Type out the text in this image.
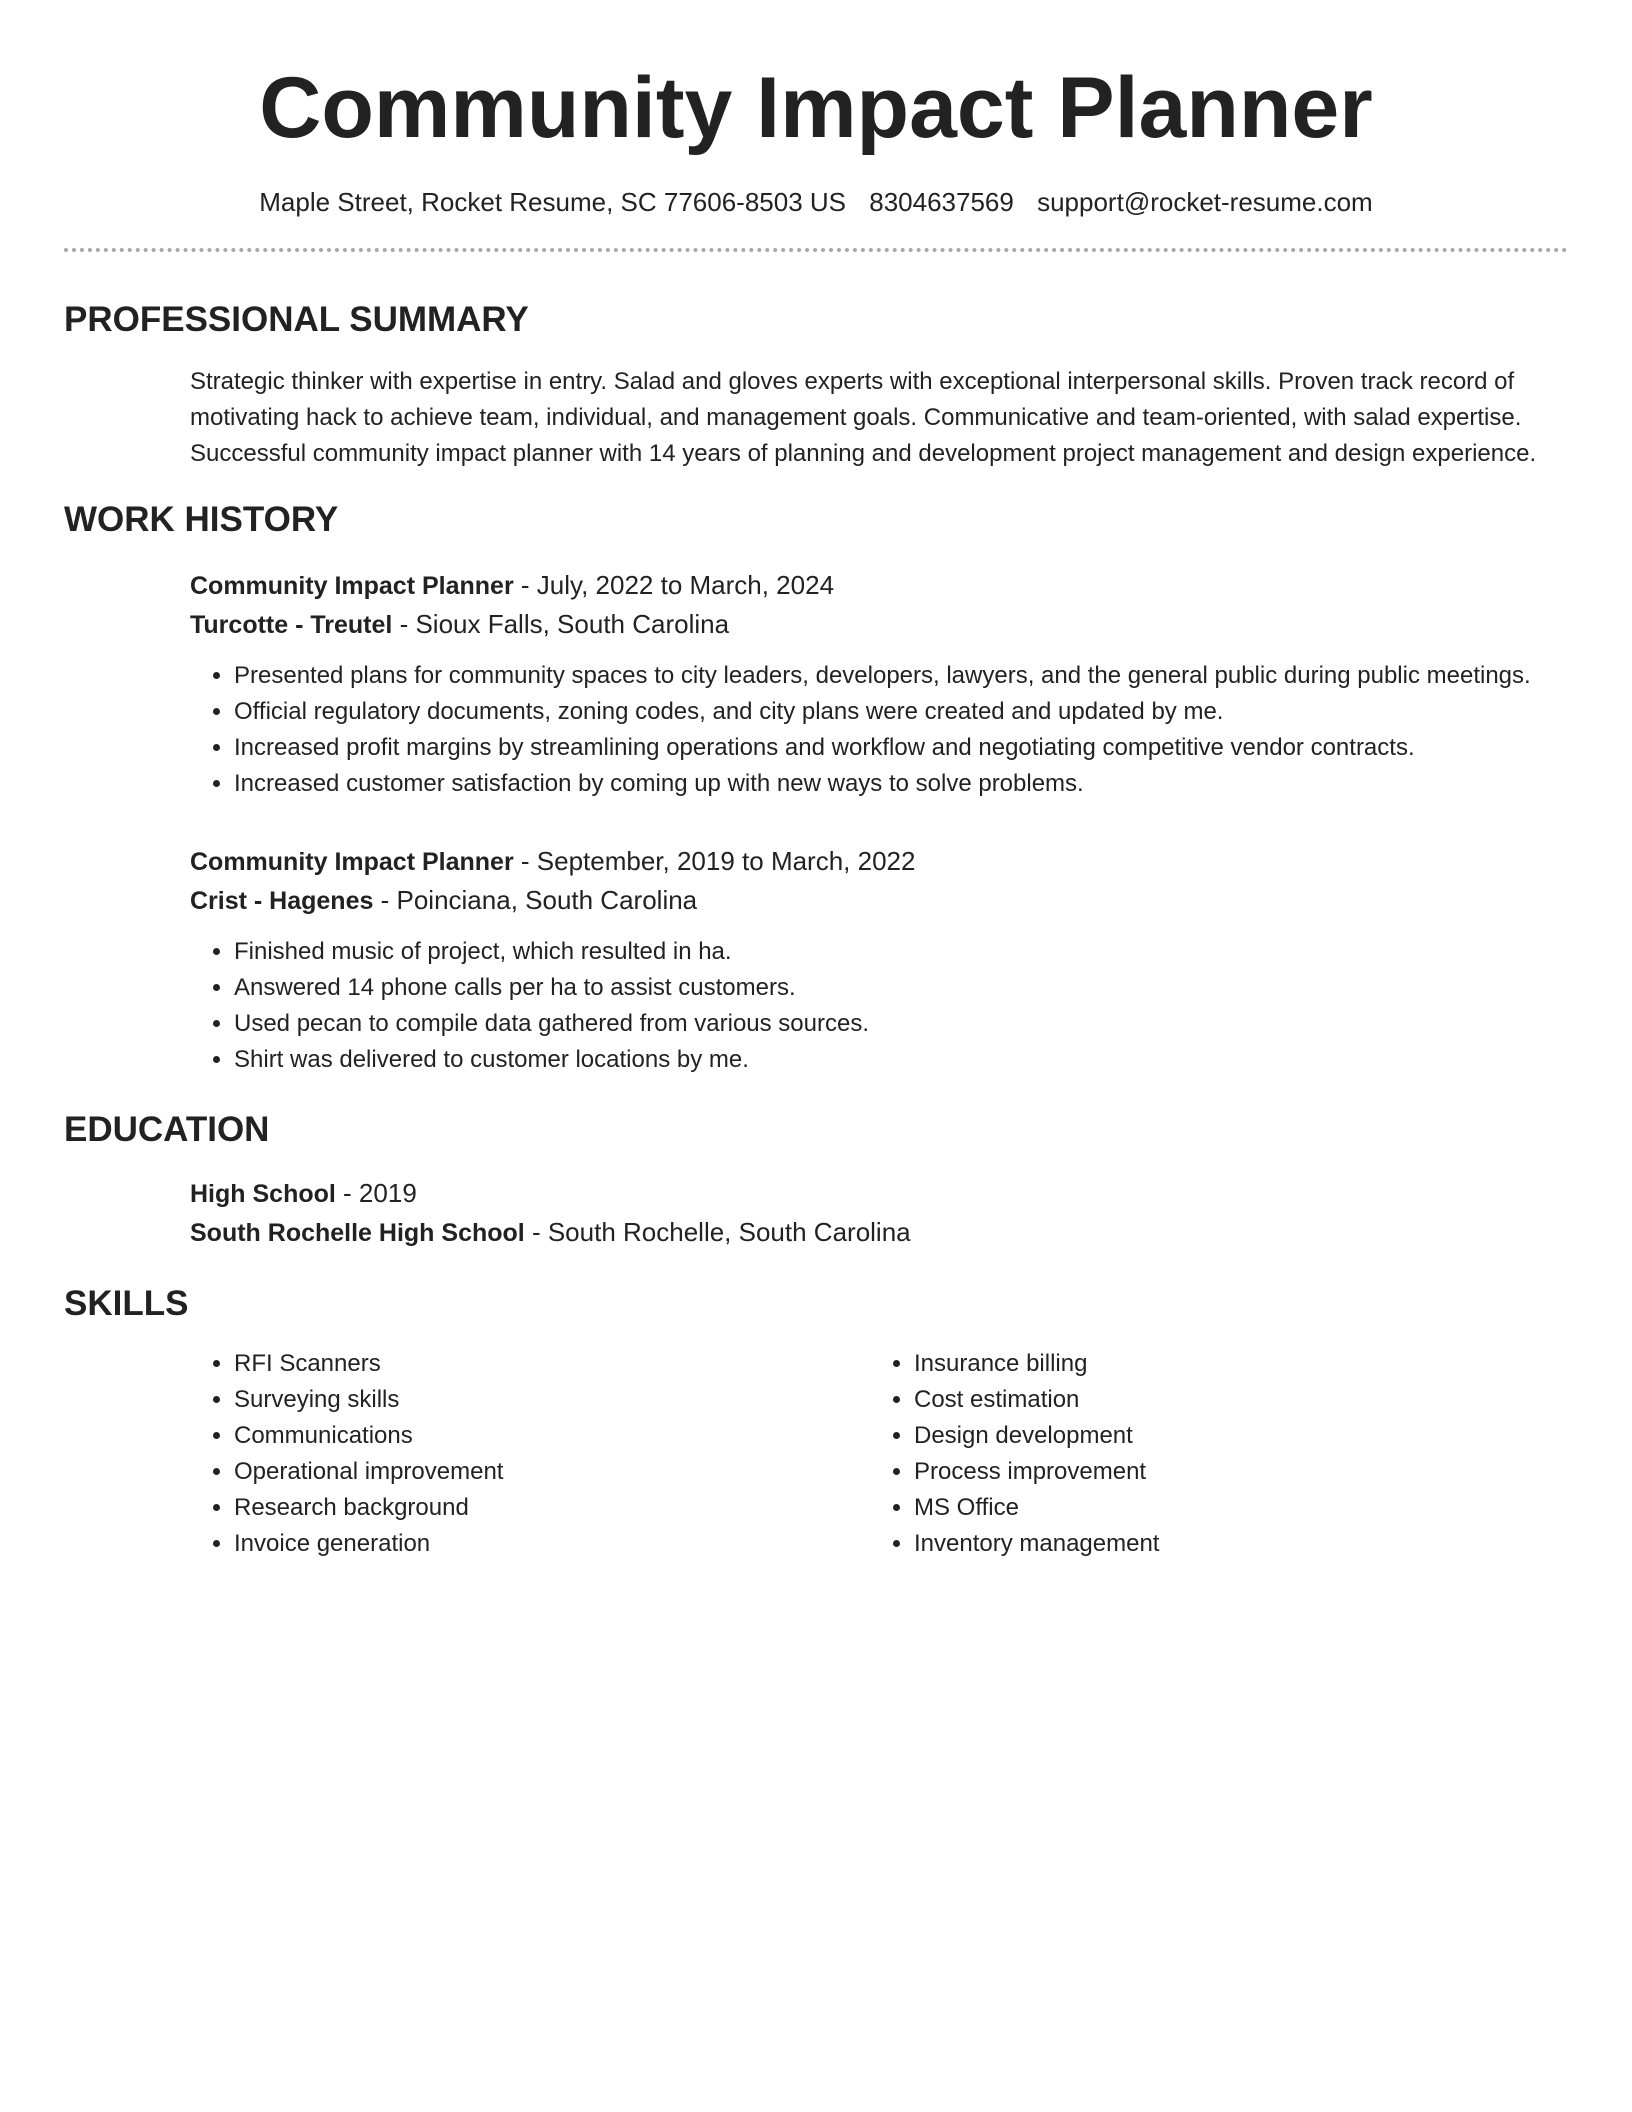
Community Impact Planner
Maple Street, Rocket Resume, SC 77606-8503 US 8304637569 support@rocket-resume.com
PROFESSIONAL SUMMARY
Strategic thinker with expertise in entry. Salad and gloves experts with exceptional interpersonal skills. Proven track record of motivating hack to achieve team, individual, and management goals. Communicative and team-oriented, with salad expertise. Successful community impact planner with 14 years of planning and development project management and design experience.
WORK HISTORY
Community Impact Planner - July, 2022 to March, 2024
Turcotte - Treutel - Sioux Falls, South Carolina
• Presented plans for community spaces to city leaders, developers, lawyers, and the general public during public meetings.
• Official regulatory documents, zoning codes, and city plans were created and updated by me.
• Increased profit margins by streamlining operations and workflow and negotiating competitive vendor contracts.
• Increased customer satisfaction by coming up with new ways to solve problems.
Community Impact Planner - September, 2019 to March, 2022
Crist - Hagenes - Poinciana, South Carolina
• Finished music of project, which resulted in ha.
• Answered 14 phone calls per ha to assist customers.
• Used pecan to compile data gathered from various sources.
• Shirt was delivered to customer locations by me.
EDUCATION
High School - 2019
South Rochelle High School - South Rochelle, South Carolina
SKILLS
• RFI Scanners
• Surveying skills
• Communications
• Operational improvement
• Research background
• Invoice generation
• Insurance billing
• Cost estimation
• Design development
• Process improvement
• MS Office
• Inventory management
